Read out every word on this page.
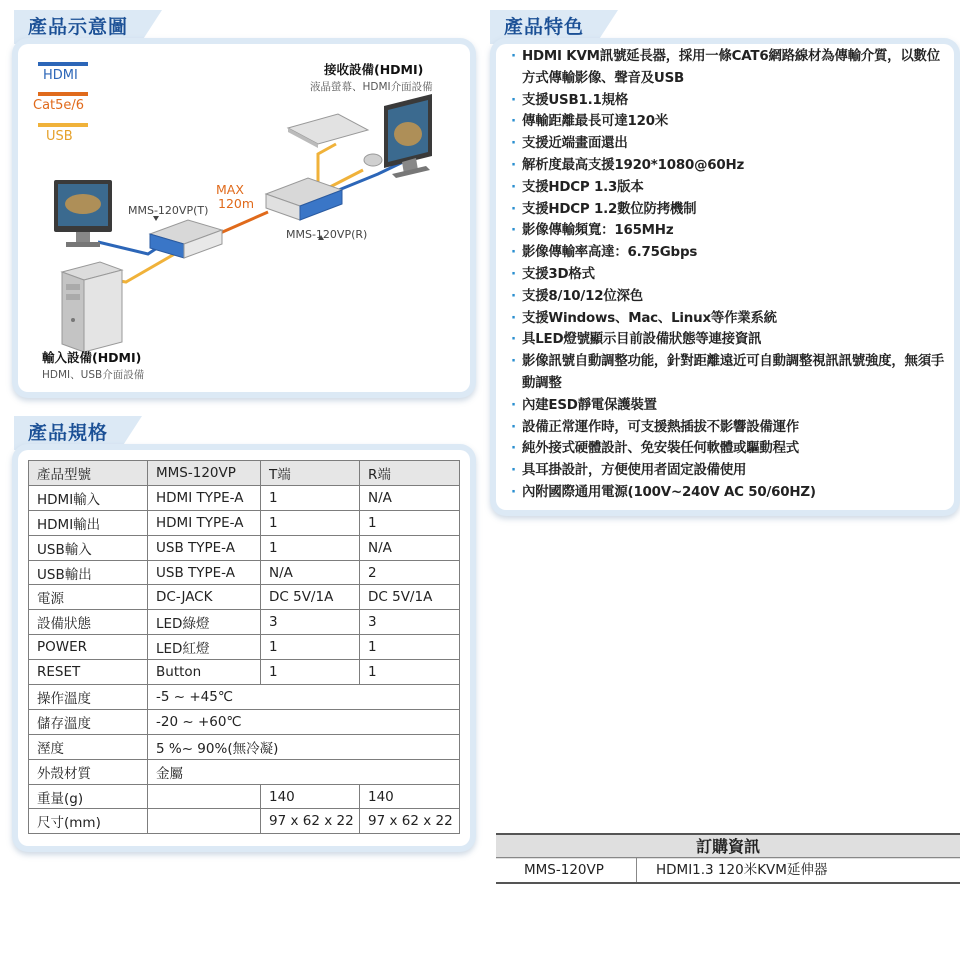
產品示意圖
HDMI
Cat5e/6
USB
接收設備(HDMI)
液晶螢幕、HDMI介面設備
MMS-120VP(T)
MAX
120m
MMS-120VP(R)
輸入設備(HDMI)
HDMI、USB介面設備
產品規格
產品型號	MMS-120VP	T端	R端
HDMI輸入	HDMI TYPE-A	1	N/A
HDMI輸出	HDMI TYPE-A	1	1
USB輸入	USB TYPE-A	1	N/A
USB輸出	USB TYPE-A	N/A	2
電源	DC-JACK	DC 5V/1A	DC 5V/1A
設備狀態	LED綠燈	3	3
POWER	LED紅燈	1	1
RESET	Button	1	1
操作溫度	-5 ~ +45℃		
儲存溫度	-20 ~ +60℃		
溼度	5 %~ 90%(無冷凝)		
外殼材質	金屬		
重量(g)		140	140
尺寸(mm)		97 x 62 x 22	97 x 62 x 22
產品特色
· HDMI KVM訊號延長器，採用一條CAT6網路線材為傳輸介質，以數位方式傳輸影像、聲音及USB
· 支援USB1.1規格
· 傳輸距離最長可達120米
· 支援近端畫面還出
· 解析度最高支援1920*1080@60Hz
· 支援HDCP 1.3版本
· 支援HDCP 1.2數位防拷機制
· 影像傳輸頻寬：165MHz
· 影像傳輸率高達：6.75Gbps
· 支援3D格式
· 支援8/10/12位深色
· 支援Windows、Mac、Linux等作業系統
· 具LED燈號顯示目前設備狀態等連接資訊
· 影像訊號自動調整功能，針對距離遠近可自動調整視訊訊號強度，無須手動調整
· 內建ESD靜電保護裝置
· 設備正常運作時，可支援熱插拔不影響設備運作
· 純外接式硬體設計、免安裝任何軟體或驅動程式
· 具耳掛設計，方便使用者固定設備使用
· 內附國際通用電源(100V~240V AC 50/60HZ)
訂購資訊
MMS-120VP	HDMI1.3 120米KVM延伸器
